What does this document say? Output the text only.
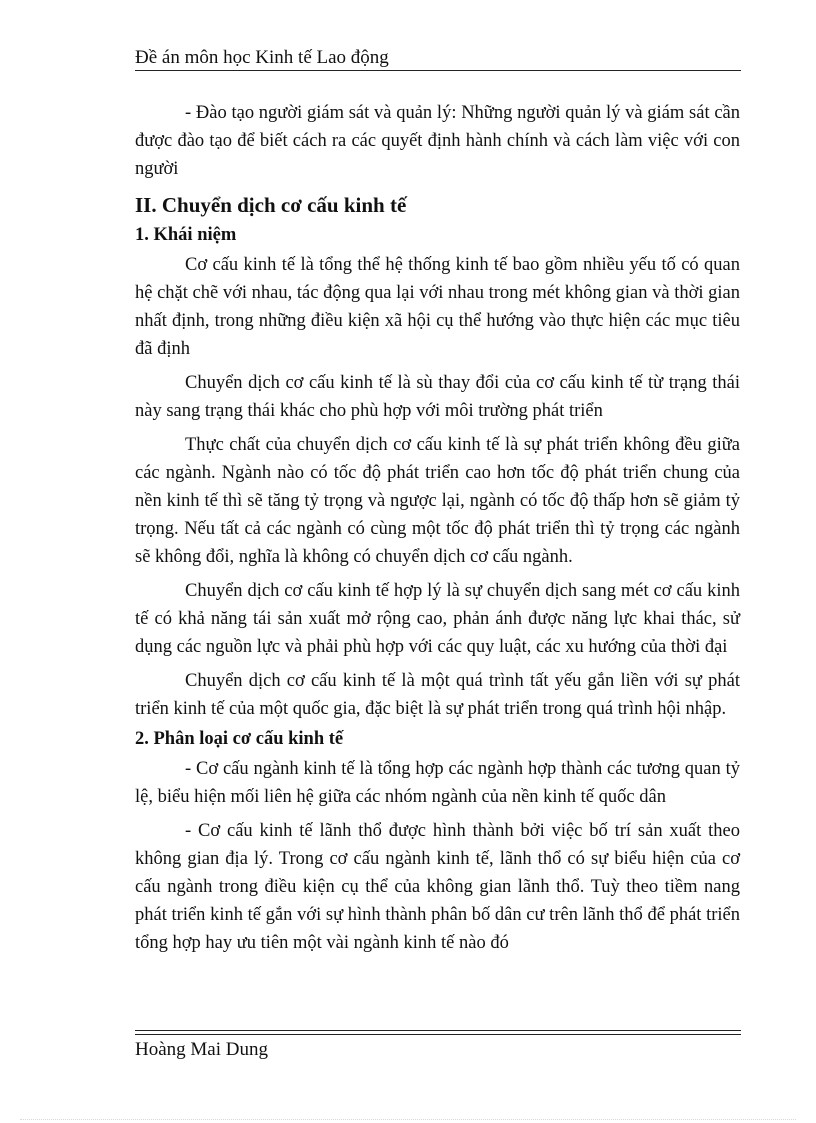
Đề án môn học Kinh tế Lao động

- Đào tạo người giám sát và quản lý: Những người quản lý và giám sát cần được đào tạo để biết cách ra các quyết định hành chính và cách làm việc với con người

II. Chuyển dịch cơ cấu kinh tế
1. Khái niệm

Cơ cấu kinh tế là tổng thể hệ thống kinh tế bao gồm nhiều yếu tố có quan hệ chặt chẽ với nhau, tác động qua lại với nhau trong mét không gian và thời gian nhất định, trong những điều kiện xã hội cụ thể hướng vào thực hiện các mục tiêu đã định

Chuyển dịch cơ cấu kinh tế là sù thay đổi của cơ cấu kinh tế từ trạng thái này sang trạng thái khác cho phù hợp với môi trường phát triển

Thực chất của chuyển dịch cơ cấu kinh tế là sự phát triển không đều giữa các ngành. Ngành nào có tốc độ phát triển cao hơn tốc độ phát triển chung của nền kinh tế thì sẽ tăng tỷ trọng và ngược lại, ngành có tốc độ thấp hơn sẽ giảm tỷ trọng. Nếu tất cả các ngành có cùng một tốc độ phát triển thì tỷ trọng các ngành sẽ không đổi, nghĩa là không có chuyển dịch cơ cấu ngành.

Chuyển dịch cơ cấu kinh tế hợp lý là sự chuyển dịch sang mét cơ cấu kinh tế có khả năng tái sản xuất mở rộng cao, phản ánh được năng lực khai thác, sử dụng các nguồn lực và phải phù hợp với các quy luật, các xu hướng của thời đại

Chuyển dịch cơ cấu kinh tế là một quá trình tất yếu gắn liền với sự phát triển kinh tế của một quốc gia, đặc biệt là sự phát triển trong quá trình hội nhập.

2. Phân loại cơ cấu kinh tế

- Cơ cấu ngành kinh tế là tổng hợp các ngành hợp thành các tương quan tỷ lệ, biểu hiện mối liên hệ giữa các nhóm ngành của nền kinh tế quốc dân

- Cơ cấu kinh tế lãnh thổ được hình thành bởi việc bố trí sản xuất theo không gian địa lý. Trong cơ cấu ngành kinh tế, lãnh thổ có sự biểu hiện của cơ cấu ngành trong điều kiện cụ thể của không gian lãnh thổ. Tuỳ theo tiềm nang phát triển kinh tế gắn với sự hình thành phân bố dân cư trên lãnh thổ để phát triển tổng hợp hay ưu tiên một vài ngành kinh tế nào đó

Hoàng Mai Dung
